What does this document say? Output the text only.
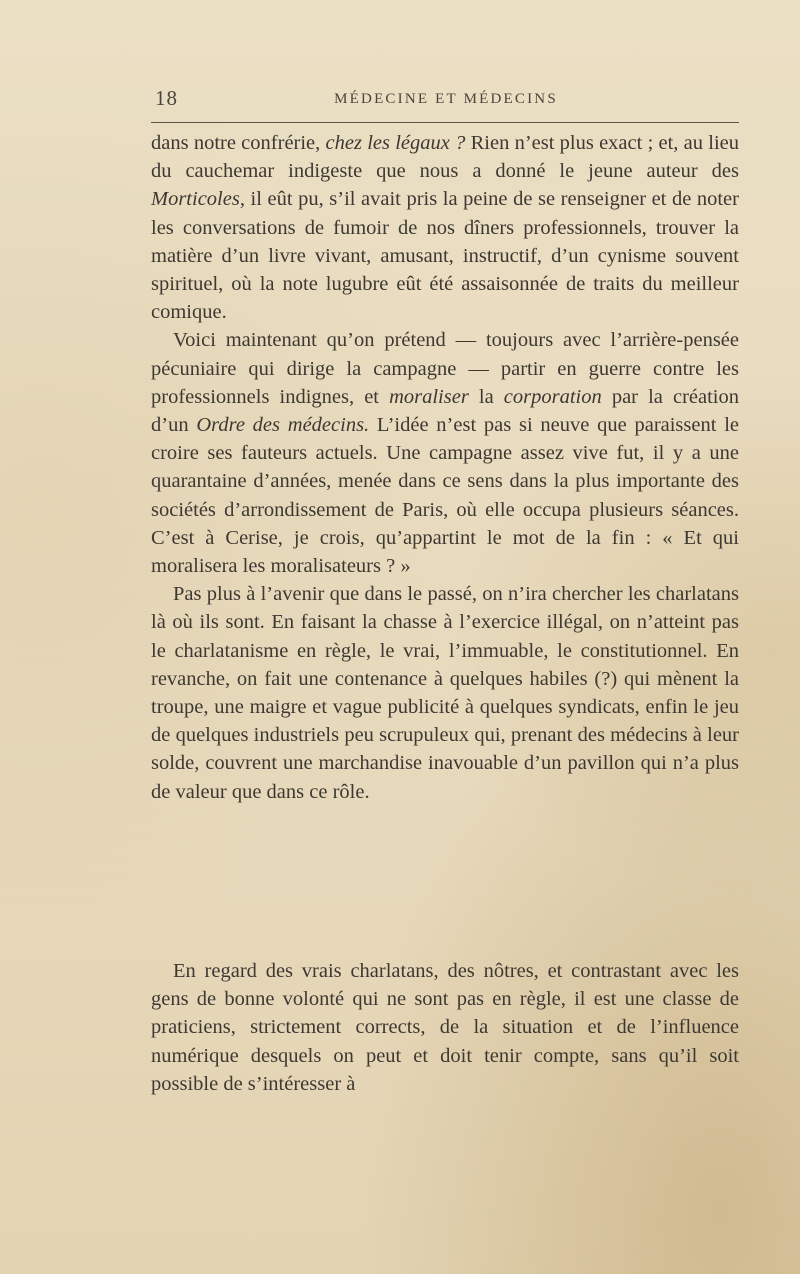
18	MÉDECINE ET MÉDECINS

dans notre confrérie, chez les légaux ? Rien n’est plus exact ; et, au lieu du cauchemar indigeste que nous a donné le jeune auteur des Morticoles, il eût pu, s’il avait pris la peine de se renseigner et de noter les conversations de fumoir de nos dîners professionnels, trouver la matière d’un livre vivant, amusant, instructif, d’un cynisme souvent spirituel, où la note lugubre eût été assaisonnée de traits du meilleur comique.

Voici maintenant qu’on prétend — toujours avec l’arrière-pensée pécuniaire qui dirige la campagne — partir en guerre contre les professionnels indignes, et moraliser la corporation par la création d’un Ordre des médecins. L’idée n’est pas si neuve que paraissent le croire ses fauteurs actuels. Une campagne assez vive fut, il y a une quarantaine d’années, menée dans ce sens dans la plus importante des sociétés d’arrondissement de Paris, où elle occupa plusieurs séances. C’est à Cerise, je crois, qu’appartint le mot de la fin : « Et qui moralisera les moralisateurs ? »

Pas plus à l’avenir que dans le passé, on n’ira chercher les charlatans là où ils sont. En faisant la chasse à l’exercice illégal, on n’atteint pas le charlatanisme en règle, le vrai, l’immuable, le constitutionnel. En revanche, on fait une contenance à quelques habiles (?) qui mènent la troupe, une maigre et vague publicité à quelques syndicats, enfin le jeu de quelques industriels peu scrupuleux qui, prenant des médecins à leur solde, couvrent une marchandise inavouable d’un pavillon qui n’a plus de valeur que dans ce rôle.

En regard des vrais charlatans, des nôtres, et contrastant avec les gens de bonne volonté qui ne sont pas en règle, il est une classe de praticiens, strictement corrects, de la situation et de l’influence numérique desquels on peut et doit tenir compte, sans qu’il soit possible de s’intéresser à
